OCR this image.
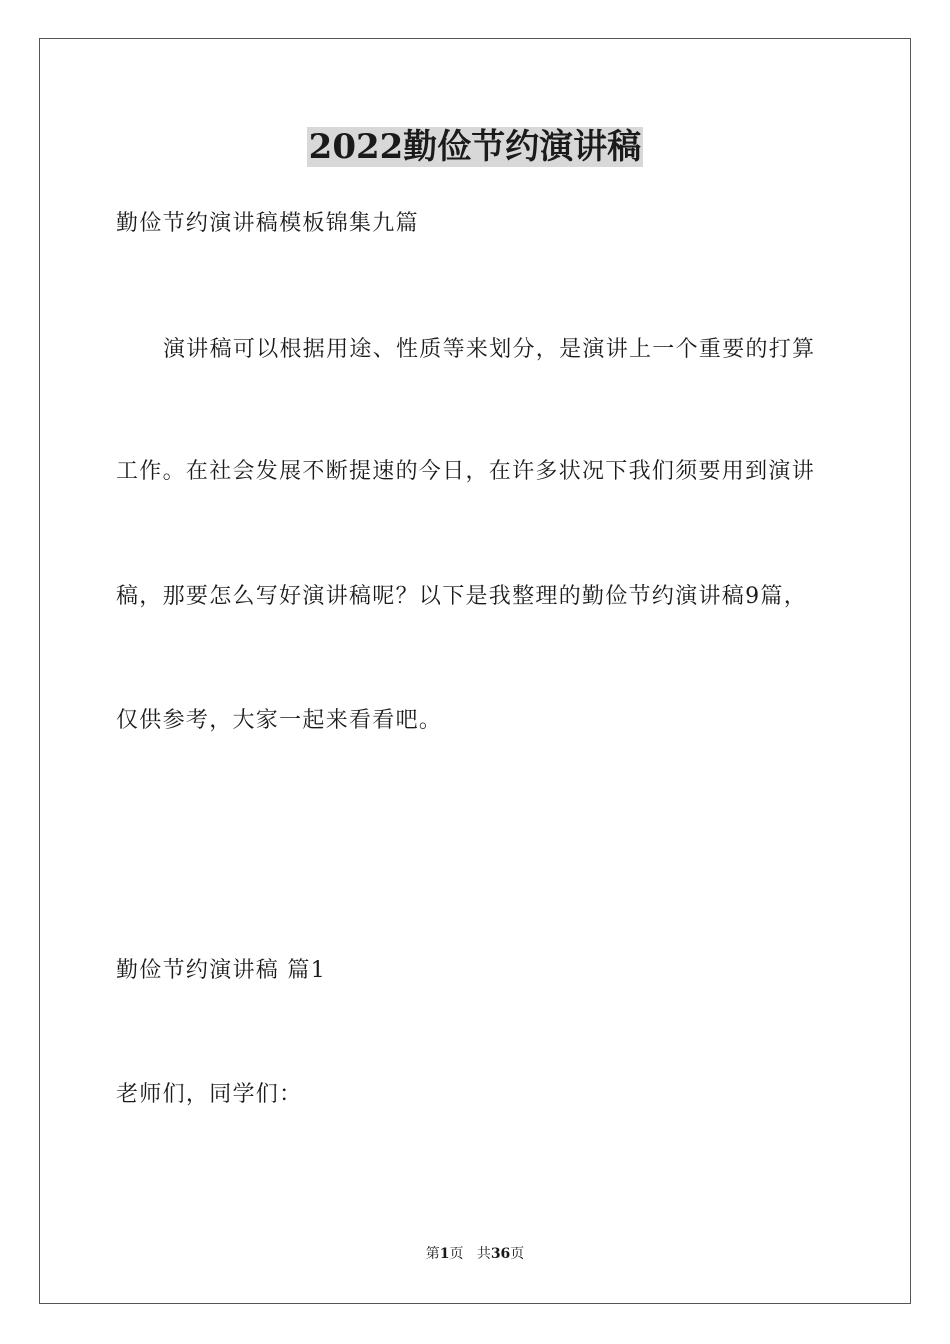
2022勤俭节约演讲稿
勤俭节约演讲稿模板锦集九篇
演讲稿可以根据用途、性质等来划分，是演讲上一个重要的打算
工作。在社会发展不断提速的今日，在许多状况下我们须要用到演讲
稿，那要怎么写好演讲稿呢？以下是我整理的勤俭节约演讲稿9篇，
仅供参考，大家一起来看看吧。
勤俭节约演讲稿 篇1
老师们，同学们：
第1页 共36页
